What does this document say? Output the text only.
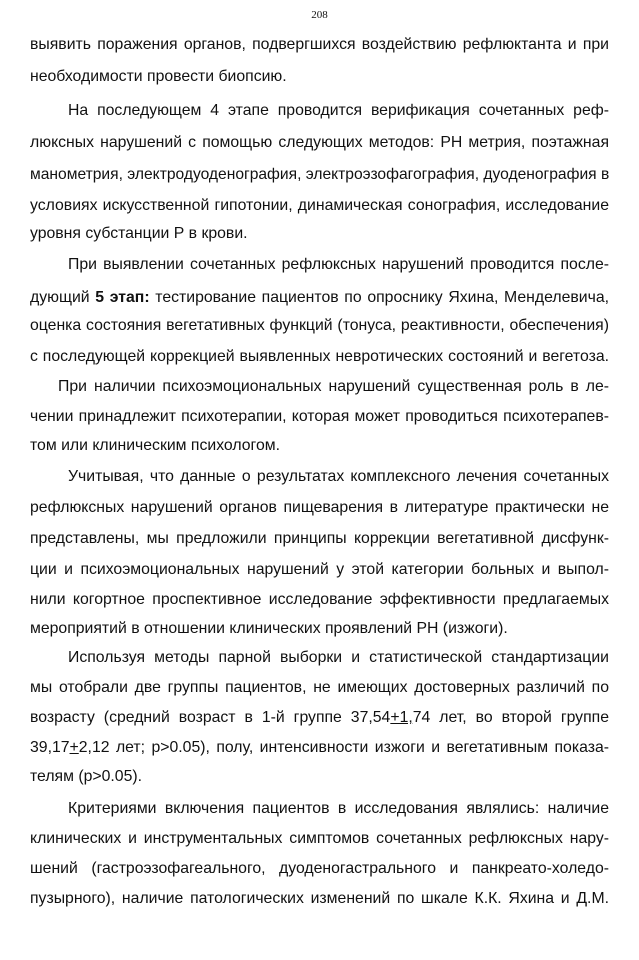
208
выявить поражения органов, подвергшихся воздействию рефлюктанта и при
необходимости провести биопсию.
На последующем 4 этапе проводится верификация сочетанных реф-
люксных нарушений с помощью следующих методов: РН метрия, поэтажная
манометрия, электродуоденография, электроэзофагография, дуоденография в
условиях искусственной гипотонии, динамическая сонография, исследование
уровня субстанции Р в крови.
При выявлении сочетанных рефлюксных нарушений проводится после-
дующий 5 этап: тестирование пациентов по опроснику Яхина, Менделевича,
оценка состояния вегетативных функций (тонуса, реактивности, обеспечения)
с последующей коррекцией выявленных невротических состояний и вегетоза.
При наличии психоэмоциональных нарушений существенная роль в ле-
чении принадлежит психотерапии, которая может проводиться психотерапев-
том или клиническим психологом.
Учитывая, что данные о результатах комплексного лечения сочетанных
рефлюксных нарушений органов пищеварения в литературе практически не
представлены, мы предложили принципы коррекции вегетативной дисфунк-
ции и психоэмоциональных нарушений у этой категории больных и выпол-
нили когортное проспективное исследование эффективности предлагаемых
мероприятий в отношении клинических проявлений РН (изжоги).
Используя методы парной выборки и статистической стандартизации
мы отобрали две группы пациентов, не имеющих достоверных различий по
возрасту (средний возраст в 1-й группе 37,54+1,74 лет, во второй группе
39,17+2,12 лет; р>0.05), полу, интенсивности изжоги и вегетативным показа-
телям (р>0.05).
Критериями включения пациентов в исследования являлись: наличие
клинических и инструментальных симптомов сочетанных рефлюксных нару-
шений (гастроэзофагеального, дуоденогастрального и панкреато-холедо-
пузырного), наличие патологических изменений по шкале К.К. Яхина и Д.М.
